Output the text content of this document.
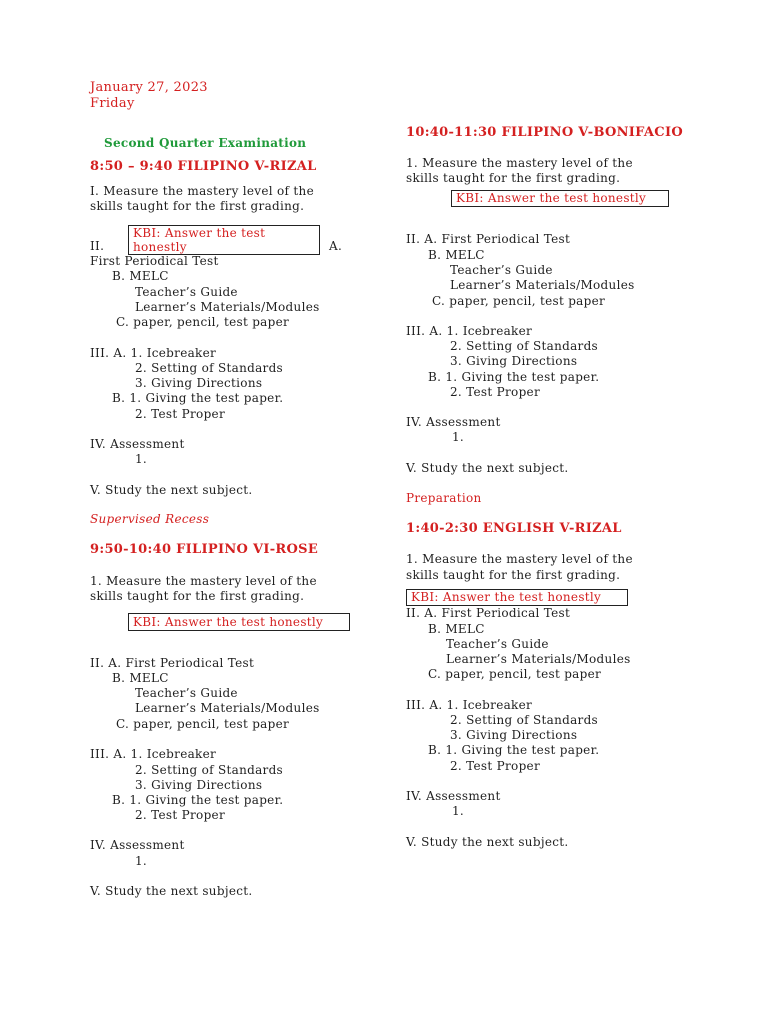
January 27, 2023
Friday
Second Quarter Examination
8:50 – 9:40 FILIPINO V-RIZAL
I. Measure the mastery level of the
skills taught for the first grading.
KBI: Answer the test
honestly
II.	A.
First Periodical Test
B. MELC
Teacher’s Guide
Learner’s Materials/Modules
C. paper, pencil, test paper
III. A. 1. Icebreaker
2. Setting of Standards
3. Giving Directions
B. 1. Giving the test paper.
2. Test Proper
IV. Assessment
1.
V. Study the next subject.
Supervised Recess
9:50-10:40 FILIPINO VI-ROSE
1. Measure the mastery level of the
skills taught for the first grading.
KBI: Answer the test honestly
II. A. First Periodical Test
B. MELC
Teacher’s Guide
Learner’s Materials/Modules
C. paper, pencil, test paper
III. A. 1. Icebreaker
2. Setting of Standards
3. Giving Directions
B. 1. Giving the test paper.
2. Test Proper
IV. Assessment
1.
V. Study the next subject.
10:40-11:30 FILIPINO V-BONIFACIO
1. Measure the mastery level of the
skills taught for the first grading.
KBI: Answer the test honestly
II. A. First Periodical Test
B. MELC
Teacher’s Guide
Learner’s Materials/Modules
C. paper, pencil, test paper
III. A. 1. Icebreaker
2. Setting of Standards
3. Giving Directions
B. 1. Giving the test paper.
2. Test Proper
IV. Assessment
1.
V. Study the next subject.
Preparation
1:40-2:30 ENGLISH V-RIZAL
1. Measure the mastery level of the
skills taught for the first grading.
KBI: Answer the test honestly
II. A. First Periodical Test
B. MELC
Teacher’s Guide
Learner’s Materials/Modules
C. paper, pencil, test paper
III. A. 1. Icebreaker
2. Setting of Standards
3. Giving Directions
B. 1. Giving the test paper.
2. Test Proper
IV. Assessment
1.
V. Study the next subject.
